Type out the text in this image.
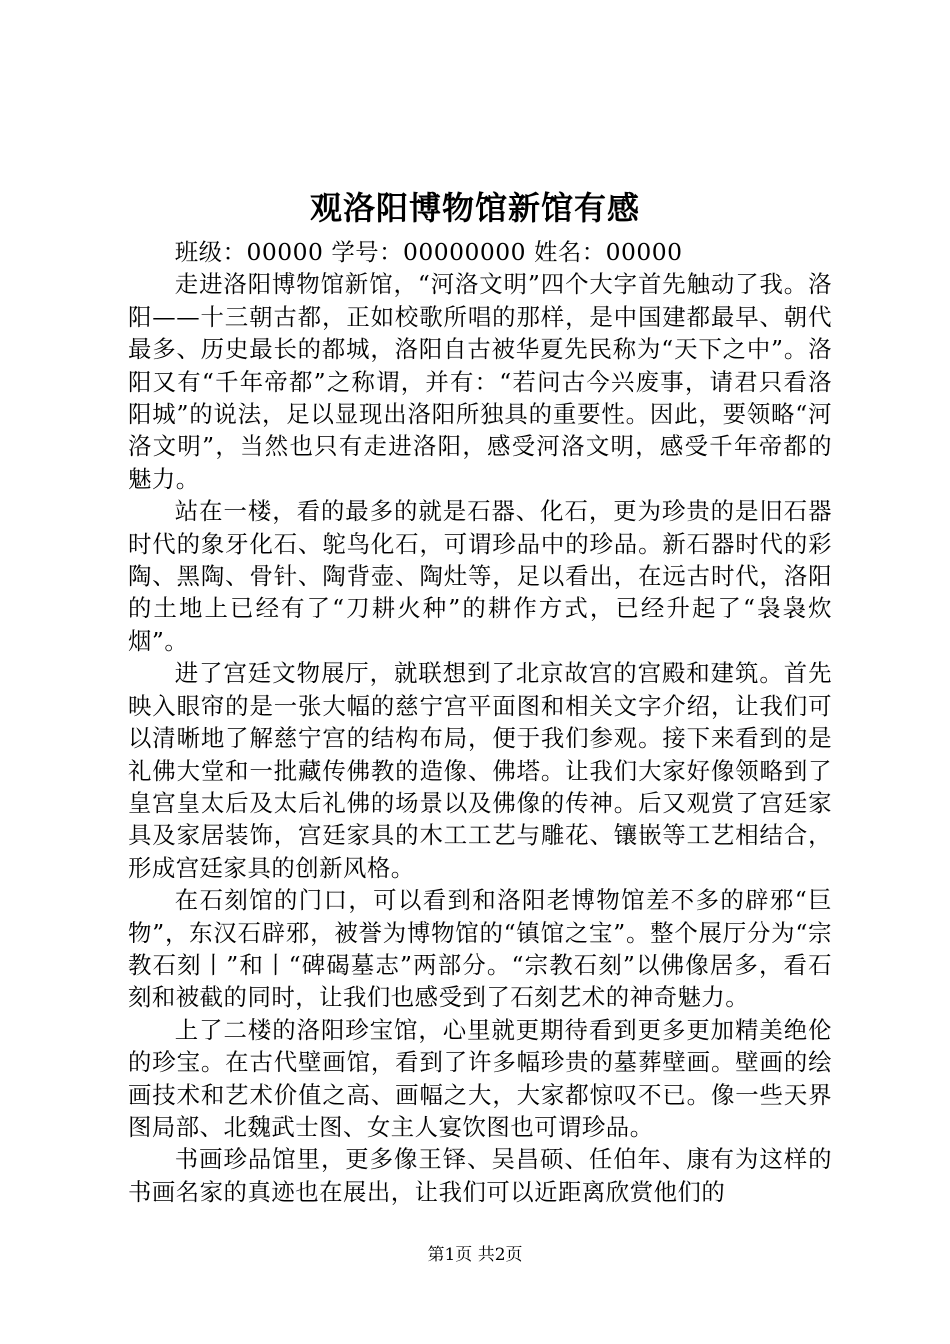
观洛阳博物馆新馆有感
班级：00000 学号：00000000 姓名：00000

走进洛阳博物馆新馆，“河洛文明”四个大字首先触动了我。洛阳——十三朝古都，正如校歌所唱的那样，是中国建都最早、朝代最多、历史最长的都城，洛阳自古被华夏先民称为“天下之中”。洛阳又有“千年帝都”之称谓，并有：“若问古今兴废事，请君只看洛阳城”的说法，足以显现出洛阳所独具的重要性。因此，要领略“河洛文明”，当然也只有走进洛阳，感受河洛文明，感受千年帝都的魅力。

站在一楼，看的最多的就是石器、化石，更为珍贵的是旧石器时代的象牙化石、鸵鸟化石，可谓珍品中的珍品。新石器时代的彩陶、黑陶、骨针、陶背壶、陶灶等，足以看出，在远古时代，洛阳的土地上已经有了“刀耕火种”的耕作方式，已经升起了“袅袅炊烟”。

进了宫廷文物展厅，就联想到了北京故宫的宫殿和建筑。首先映入眼帘的是一张大幅的慈宁宫平面图和相关文字介绍，让我们可以清晰地了解慈宁宫的结构布局，便于我们参观。接下来看到的是礼佛大堂和一批藏传佛教的造像、佛塔。让我们大家好像领略到了皇宫皇太后及太后礼佛的场景以及佛像的传神。后又观赏了宫廷家具及家居装饰，宫廷家具的木工工艺与雕花、镶嵌等工艺相结合，形成宫廷家具的创新风格。

在石刻馆的门口，可以看到和洛阳老博物馆差不多的辟邪“巨物”，东汉石辟邪，被誉为博物馆的“镇馆之宝”。整个展厅分为“宗教石刻丨”和丨“碑碣墓志”两部分。“宗教石刻”以佛像居多，看石刻和被截的同时，让我们也感受到了石刻艺术的神奇魅力。

上了二楼的洛阳珍宝馆，心里就更期待看到更多更加精美绝伦的珍宝。在古代壁画馆，看到了许多幅珍贵的墓葬壁画。壁画的绘画技术和艺术价值之高、画幅之大，大家都惊叹不已。像一些天界图局部、北魏武士图、女主人宴饮图也可谓珍品。

书画珍品馆里，更多像王铎、吴昌硕、任伯年、康有为这样的书画名家的真迹也在展出，让我们可以近距离欣赏他们的

第1页 共2页
